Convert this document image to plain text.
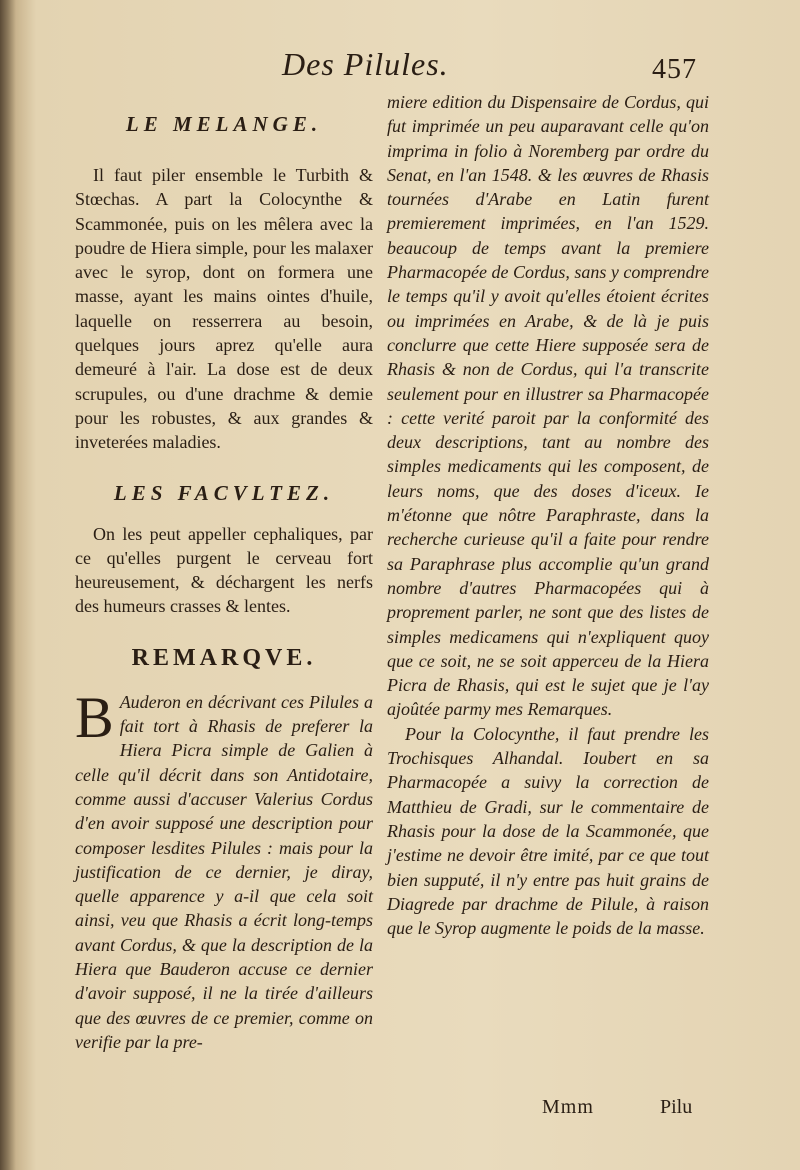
Des Pilules.	457
LE MELANGE.

Il faut piler ensemble le Turbith & Stœchas. A part la Colocynthe & Scammonée, puis on les mêlera avec la poudre de Hiera simple, pour les malaxer avec le syrop, dont on formera une masse, ayant les mains ointes d'huile, laquelle on resserrera au besoin, quelques jours aprez qu'elle aura demeuré à l'air. La dose est de deux scrupules, ou d'une drachme & demie pour les robustes, & aux grandes & inveterées maladies.

LES FACVLTEZ.

On les peut appeller cephaliques, par ce qu'elles purgent le cerveau fort heureusement, & déchargent les nerfs des humeurs crasses & lentes.

REMARQVE.
B Auderon en décrivant ces Pilules a fait tort à Rhasis de preferer la Hiera Picra simple de Galien à celle qu'il décrit dans son Antidotaire, comme aussi d'accuser Valerius Cordus d'en avoir supposé une description pour composer lesdites Pilules : mais pour la justification de ce dernier, je diray, quelle apparence y a-il que cela soit ainsi, veu que Rhasis a écrit long-temps avant Cordus, & que la description de la Hiera que Bauderon accuse ce dernier d'avoir supposé, il ne la tirée d'ailleurs que des œuvres de ce premier, comme on verifie par la pre-

miere edition du Dispensaire de Cordus, qui fut imprimée un peu auparavant celle qu'on imprima in folio à Noremberg par ordre du Senat, en l'an 1548. & les œuvres de Rhasis tournées d'Arabe en Latin furent premierement imprimées, en l'an 1529. beaucoup de temps avant la premiere Pharmacopée de Cordus, sans y comprendre le temps qu'il y avoit qu'elles étoient écrites ou imprimées en Arabe, & de là je puis conclurre que cette Hiere supposée sera de Rhasis & non de Cordus, qui l'a transcrite seulement pour en illustrer sa Pharmacopée : cette verité paroit par la conformité des deux descriptions, tant au nombre des simples medicaments qui les composent, de leurs noms, que des doses d'iceux. Ie m'étonne que nôtre Paraphraste, dans la recherche curieuse qu'il a faite pour rendre sa Paraphrase plus accomplie qu'un grand nombre d'autres Pharmacopées qui à proprement parler, ne sont que des listes de simples medicamens qui n'expliquent quoy que ce soit, ne se soit apperceu de la Hiera Picra de Rhasis, qui est le sujet que je l'ay ajoûtée parmy mes Remarques.

Pour la Colocynthe, il faut prendre les Trochisques Alhandal. Ioubert en sa Pharmacopée a suivy la correction de Matthieu de Gradi, sur le commentaire de Rhasis pour la dose de la Scammonée, que j'estime ne devoir être imité, par ce que tout bien supputé, il n'y entre pas huit grains de Diagrede par drachme de Pilule, à raison que le Syrop augmente le poids de la masse.

Mmm	Pilu
